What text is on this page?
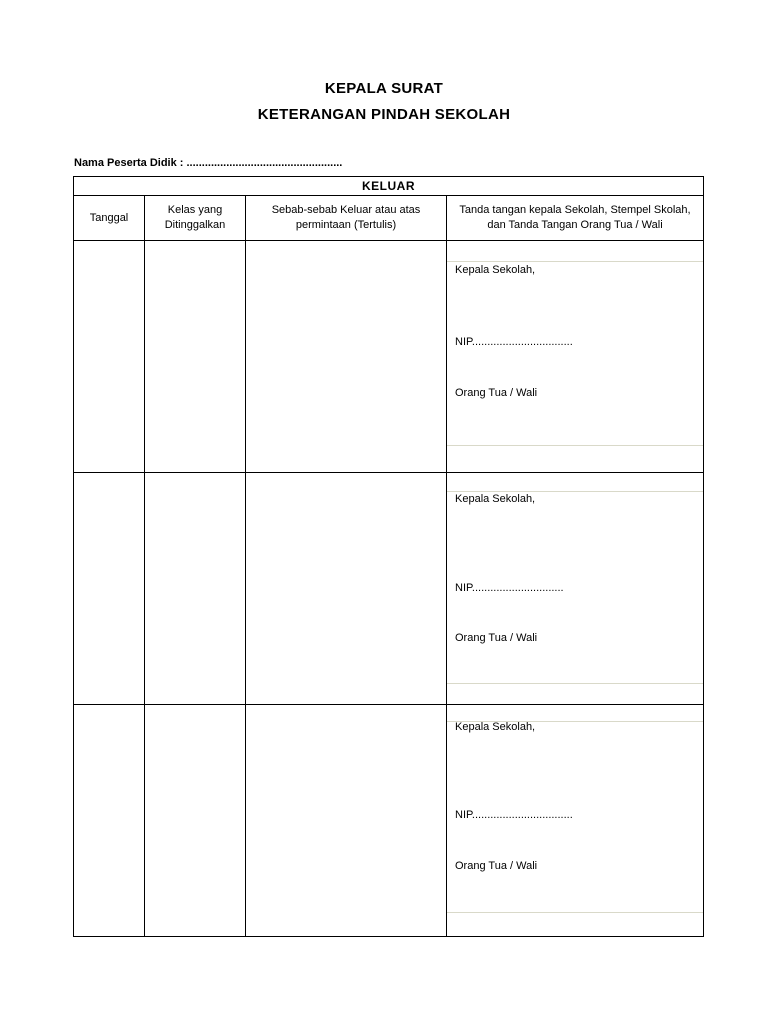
KEPALA SURAT
KETERANGAN PINDAH SEKOLAH
Nama Peserta Didik : ...................................................
KELUAR			
Tanggal	Kelas yang Ditinggalkan	Sebab-sebab Keluar atau atas permintaan (Tertulis)	Tanda tangan kepala Sekolah, Stempel Skolah, dan Tanda Tangan Orang Tua / Wali

			Kepala Sekolah,
NIP.................................
Orang Tua / Wali

			Kepala Sekolah,
NIP..............................
Orang Tua / Wali

			Kepala Sekolah,
NIP.................................
Orang Tua / Wali
